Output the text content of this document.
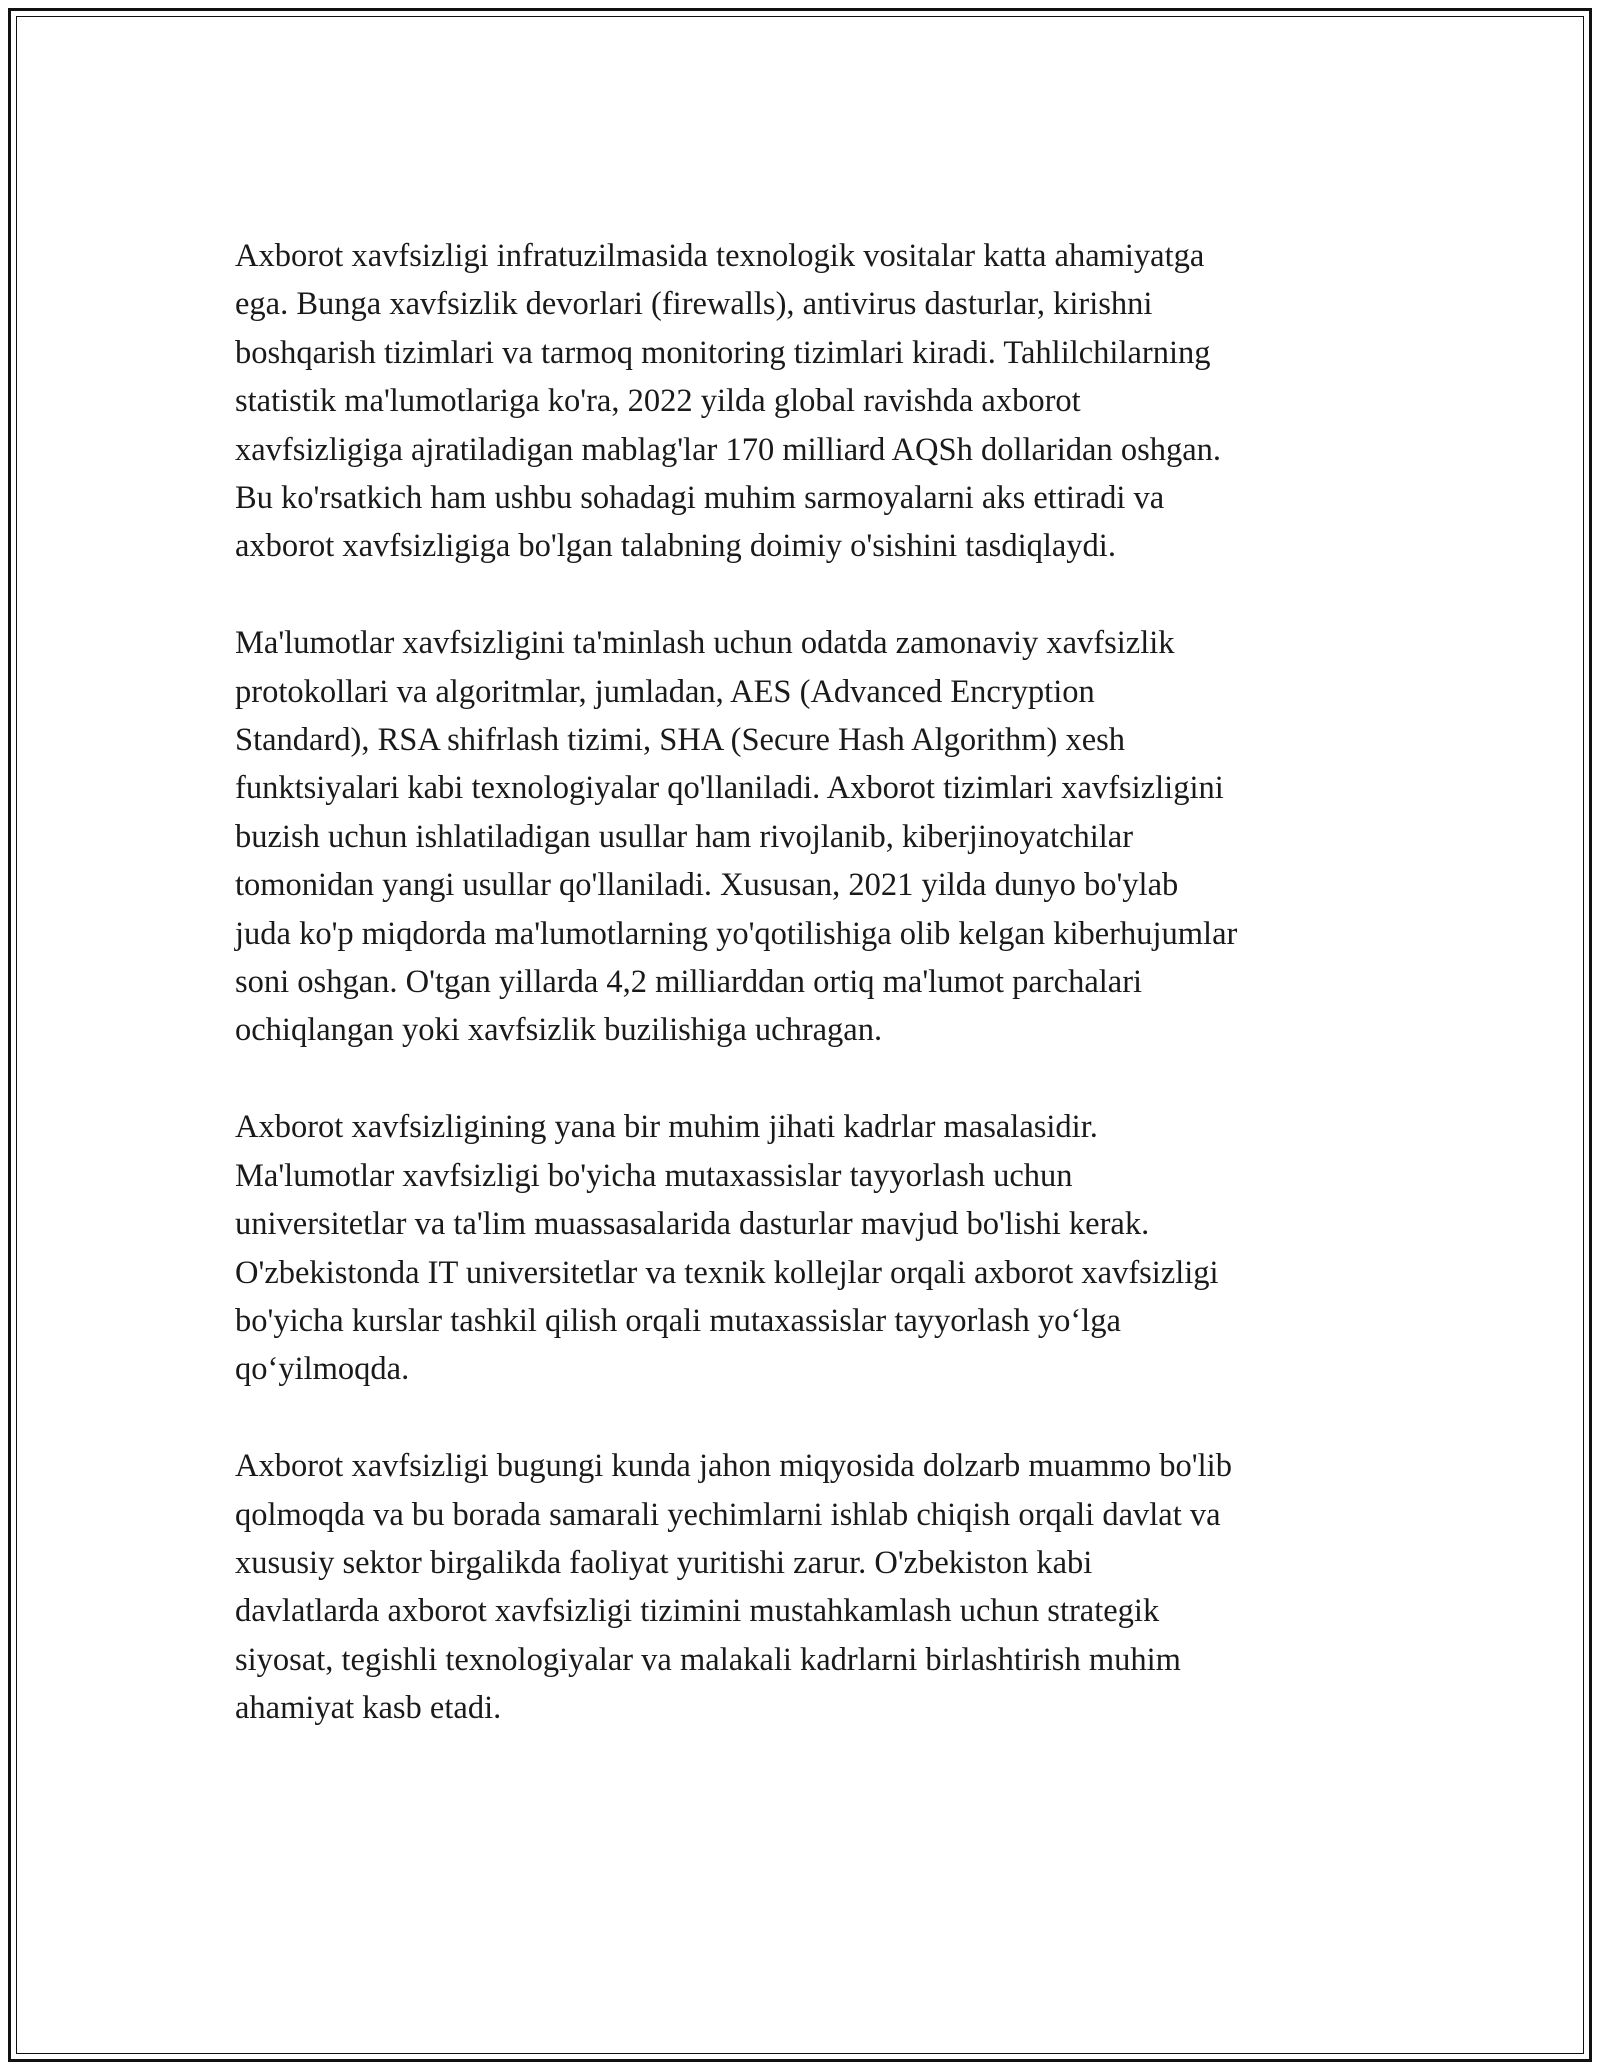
Axborot xavfsizligi infratuzilmasida texnologik vositalar katta ahamiyatga
ega. Bunga xavfsizlik devorlari (firewalls), antivirus dasturlar, kirishni
boshqarish tizimlari va tarmoq monitoring tizimlari kiradi. Tahlilchilarning
statistik ma'lumotlariga ko'ra, 2022 yilda global ravishda axborot
xavfsizligiga ajratiladigan mablag'lar 170 milliard AQSh dollaridan oshgan.
Bu ko'rsatkich ham ushbu sohadagi muhim sarmoyalarni aks ettiradi va
axborot xavfsizligiga bo'lgan talabning doimiy o'sishini tasdiqlaydi.

Ma'lumotlar xavfsizligini ta'minlash uchun odatda zamonaviy xavfsizlik
protokollari va algoritmlar, jumladan, AES (Advanced Encryption
Standard), RSA shifrlash tizimi, SHA (Secure Hash Algorithm) xesh
funktsiyalari kabi texnologiyalar qo'llaniladi. Axborot tizimlari xavfsizligini
buzish uchun ishlatiladigan usullar ham rivojlanib, kiberjinoyatchilar
tomonidan yangi usullar qo'llaniladi. Xususan, 2021 yilda dunyo bo'ylab
juda ko'p miqdorda ma'lumotlarning yo'qotilishiga olib kelgan kiberhujumlar
soni oshgan. O'tgan yillarda 4,2 milliarddan ortiq ma'lumot parchalari
ochiqlangan yoki xavfsizlik buzilishiga uchragan.

Axborot xavfsizligining yana bir muhim jihati kadrlar masalasidir.
Ma'lumotlar xavfsizligi bo'yicha mutaxassislar tayyorlash uchun
universitetlar va ta'lim muassasalarida dasturlar mavjud bo'lishi kerak.
O'zbekistonda IT universitetlar va texnik kollejlar orqali axborot xavfsizligi
bo'yicha kurslar tashkil qilish orqali mutaxassislar tayyorlash yo‘lga
qo‘yilmoqda.

Axborot xavfsizligi bugungi kunda jahon miqyosida dolzarb muammo bo'lib
qolmoqda va bu borada samarali yechimlarni ishlab chiqish orqali davlat va
xususiy sektor birgalikda faoliyat yuritishi zarur. O'zbekiston kabi
davlatlarda axborot xavfsizligi tizimini mustahkamlash uchun strategik
siyosat, tegishli texnologiyalar va malakali kadrlarni birlashtirish muhim
ahamiyat kasb etadi.
